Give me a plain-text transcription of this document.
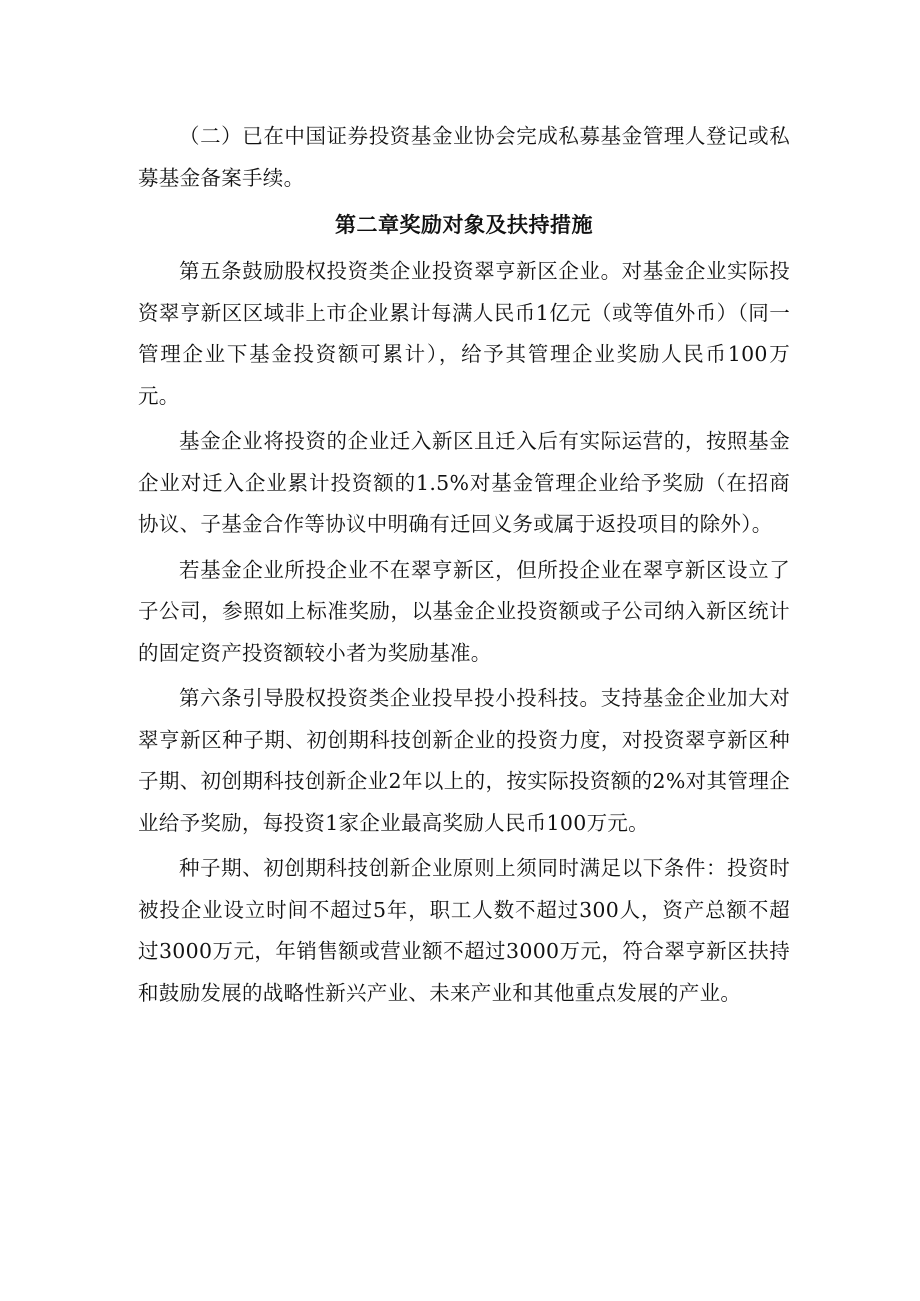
（二）已在中国证券投资基金业协会完成私募基金管理人登记或私募基金备案手续。

第二章奖励对象及扶持措施

第五条鼓励股权投资类企业投资翠亨新区企业。对基金企业实际投资翠亨新区区域非上市企业累计每满人民币1亿元（或等值外币）（同一管理企业下基金投资额可累计），给予其管理企业奖励人民币100万元。

基金企业将投资的企业迁入新区且迁入后有实际运营的，按照基金企业对迁入企业累计投资额的1.5%对基金管理企业给予奖励（在招商协议、子基金合作等协议中明确有迁回义务或属于返投项目的除外）。

若基金企业所投企业不在翠亨新区，但所投企业在翠亨新区设立了子公司，参照如上标准奖励，以基金企业投资额或子公司纳入新区统计的固定资产投资额较小者为奖励基准。

第六条引导股权投资类企业投早投小投科技。支持基金企业加大对翠亨新区种子期、初创期科技创新企业的投资力度，对投资翠亨新区种子期、初创期科技创新企业2年以上的，按实际投资额的2%对其管理企业给予奖励，每投资1家企业最高奖励人民币100万元。

种子期、初创期科技创新企业原则上须同时满足以下条件：投资时被投企业设立时间不超过5年，职工人数不超过300人，资产总额不超过3000万元，年销售额或营业额不超过3000万元，符合翠亨新区扶持和鼓励发展的战略性新兴产业、未来产业和其他重点发展的产业。
